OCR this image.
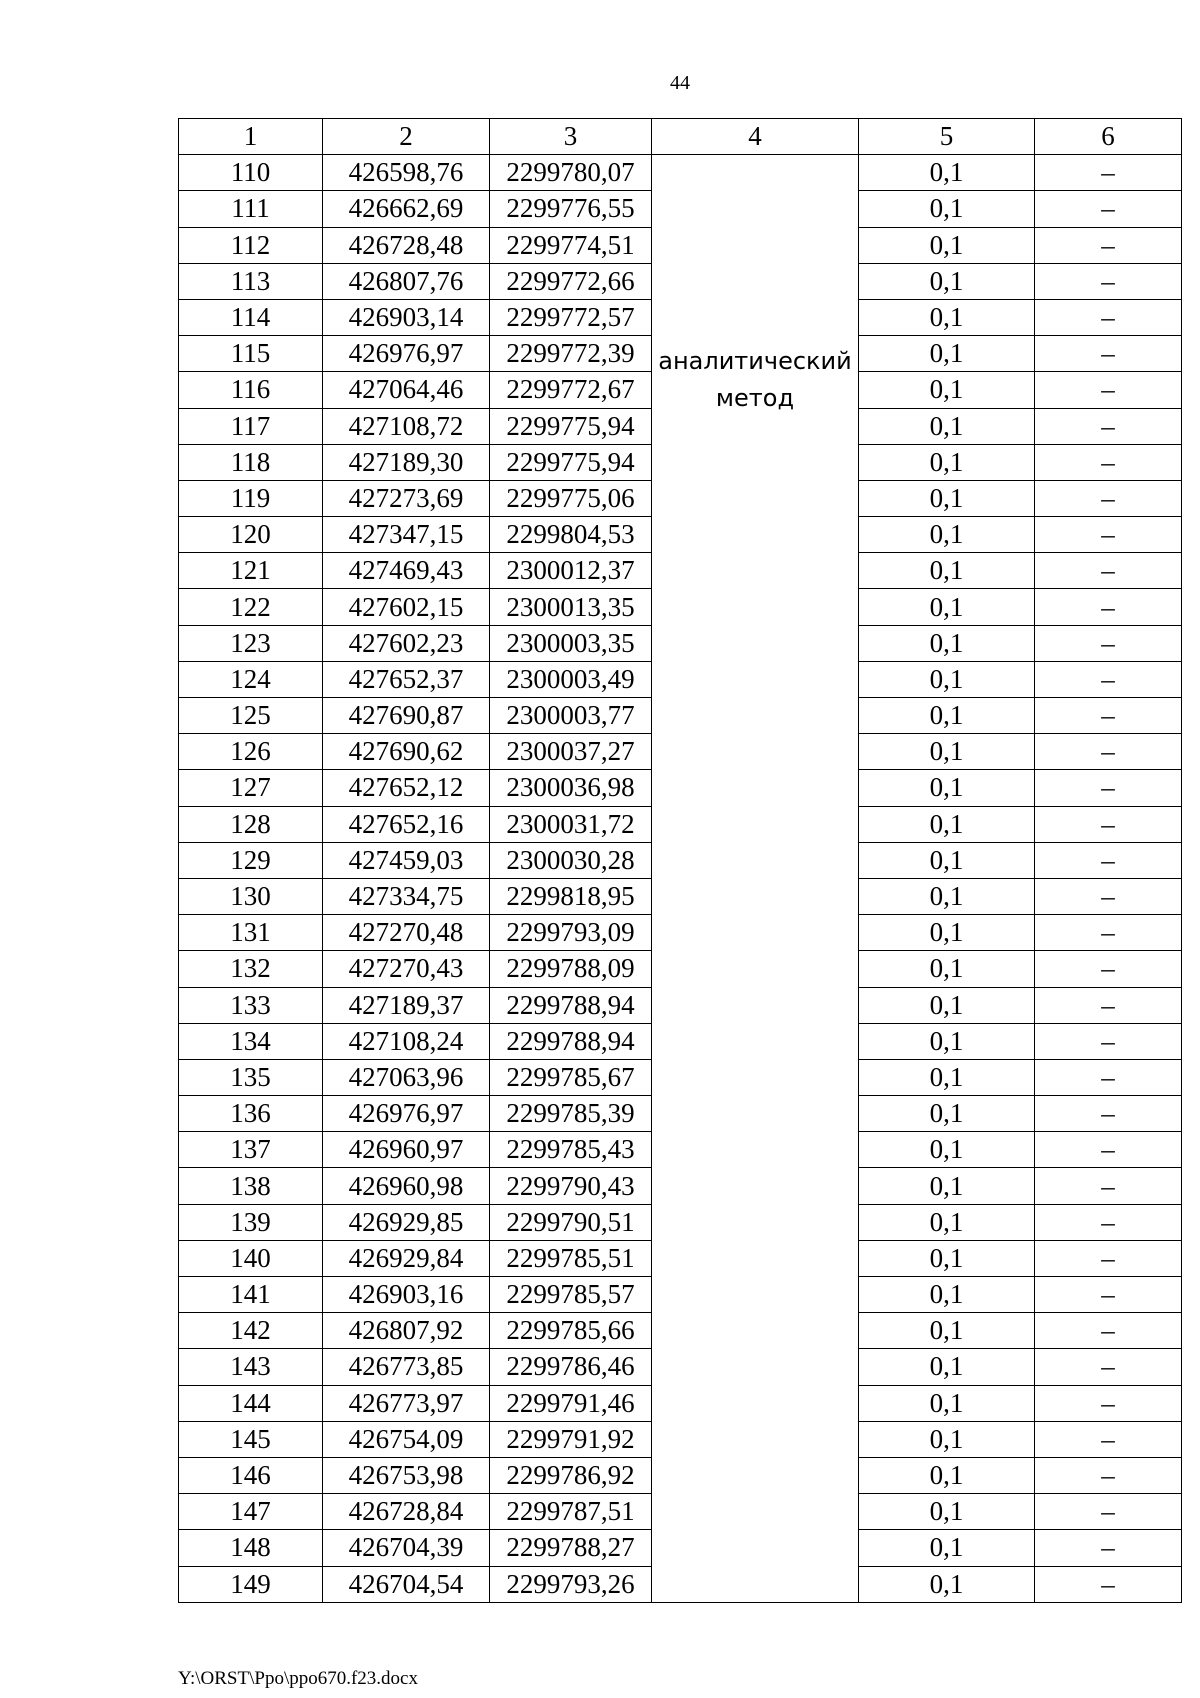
44
1	2	3	4	5	6
110	426598,76	2299780,07	аналитический метод	0,1	–
111	426662,69	2299776,55		0,1	–
112	426728,48	2299774,51		0,1	–
113	426807,76	2299772,66		0,1	–
114	426903,14	2299772,57		0,1	–
115	426976,97	2299772,39		0,1	–
116	427064,46	2299772,67		0,1	–
117	427108,72	2299775,94		0,1	–
118	427189,30	2299775,94		0,1	–
119	427273,69	2299775,06		0,1	–
120	427347,15	2299804,53		0,1	–
121	427469,43	2300012,37		0,1	–
122	427602,15	2300013,35		0,1	–
123	427602,23	2300003,35		0,1	–
124	427652,37	2300003,49		0,1	–
125	427690,87	2300003,77		0,1	–
126	427690,62	2300037,27		0,1	–
127	427652,12	2300036,98		0,1	–
128	427652,16	2300031,72		0,1	–
129	427459,03	2300030,28		0,1	–
130	427334,75	2299818,95		0,1	–
131	427270,48	2299793,09		0,1	–
132	427270,43	2299788,09		0,1	–
133	427189,37	2299788,94		0,1	–
134	427108,24	2299788,94		0,1	–
135	427063,96	2299785,67		0,1	–
136	426976,97	2299785,39		0,1	–
137	426960,97	2299785,43		0,1	–
138	426960,98	2299790,43		0,1	–
139	426929,85	2299790,51		0,1	–
140	426929,84	2299785,51		0,1	–
141	426903,16	2299785,57		0,1	–
142	426807,92	2299785,66		0,1	–
143	426773,85	2299786,46		0,1	–
144	426773,97	2299791,46		0,1	–
145	426754,09	2299791,92		0,1	–
146	426753,98	2299786,92		0,1	–
147	426728,84	2299787,51		0,1	–
148	426704,39	2299788,27		0,1	–
149	426704,54	2299793,26		0,1	–
Y:\ORST\Ppo\ppo670.f23.docx
